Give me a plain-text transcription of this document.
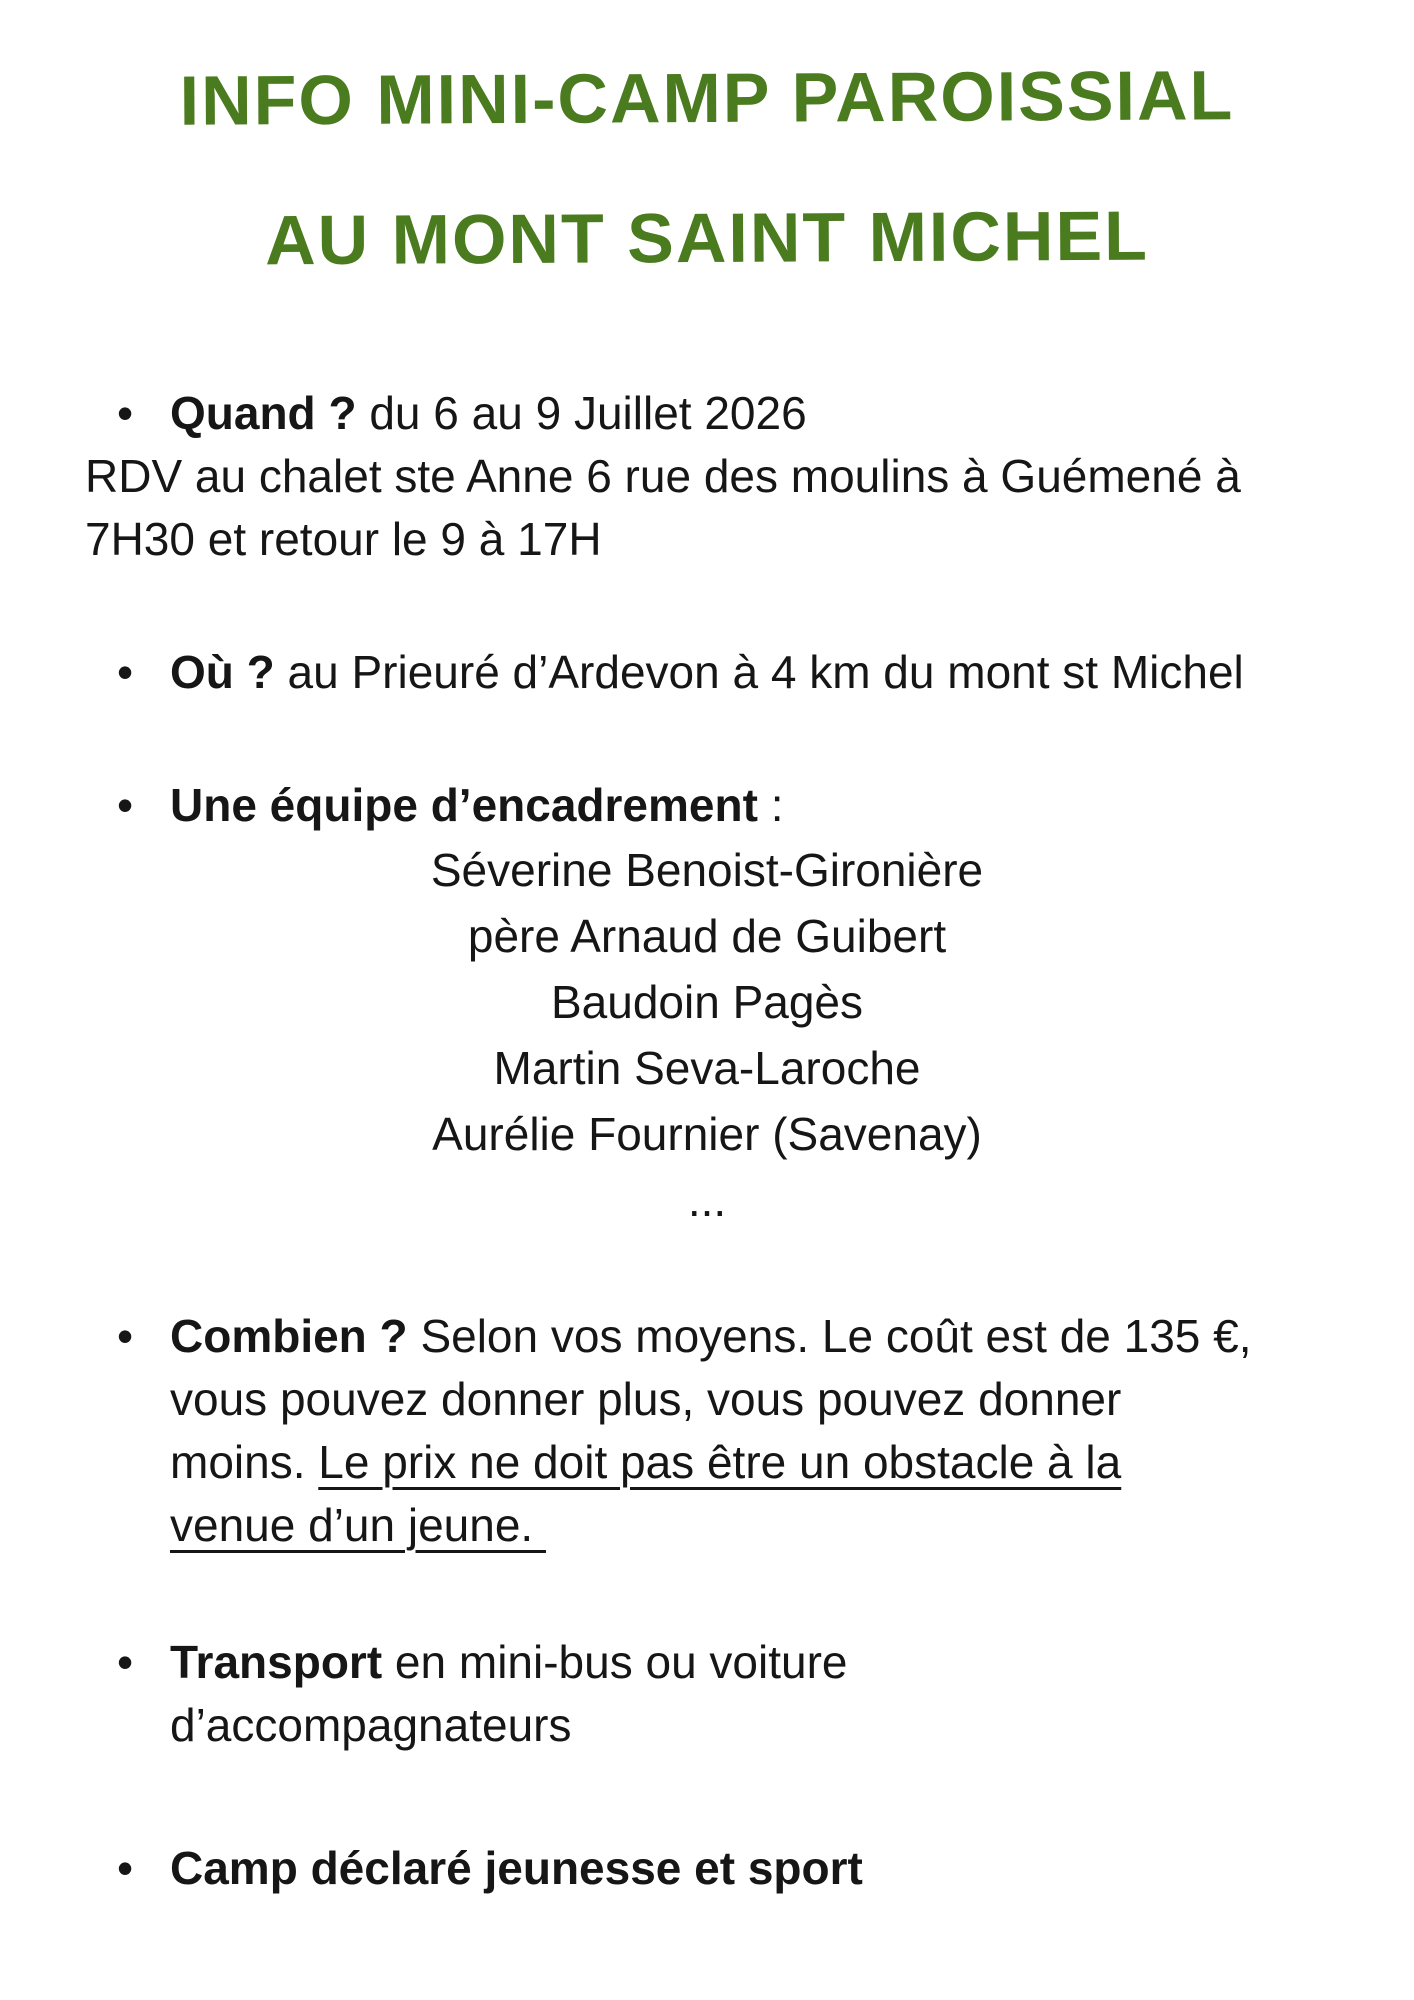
INFO MINI-CAMP PAROISSIAL
AU MONT SAINT MICHEL
• Quand ? du 6 au 9 Juillet 2026

RDV au chalet ste Anne 6 rue des moulins à Guémené à

7H30 et retour le 9 à 17H

• Où ? au Prieuré d’Ardevon à 4 km du mont st Michel
• Une équipe d’encadrement :

Séverine Benoist-Gironière

père Arnaud de Guibert

Baudoin Pagès

Martin Seva-Laroche

Aurélie Fournier (Savenay)

...

• Combien ? Selon vos moyens. Le coût est de 135 €,

vous pouvez donner plus, vous pouvez donner

moins. Le prix ne doit pas être un obstacle à la

venue d’un jeune.

• Transport en mini-bus ou voiture

d’accompagnateurs

• Camp déclaré jeunesse et sport
